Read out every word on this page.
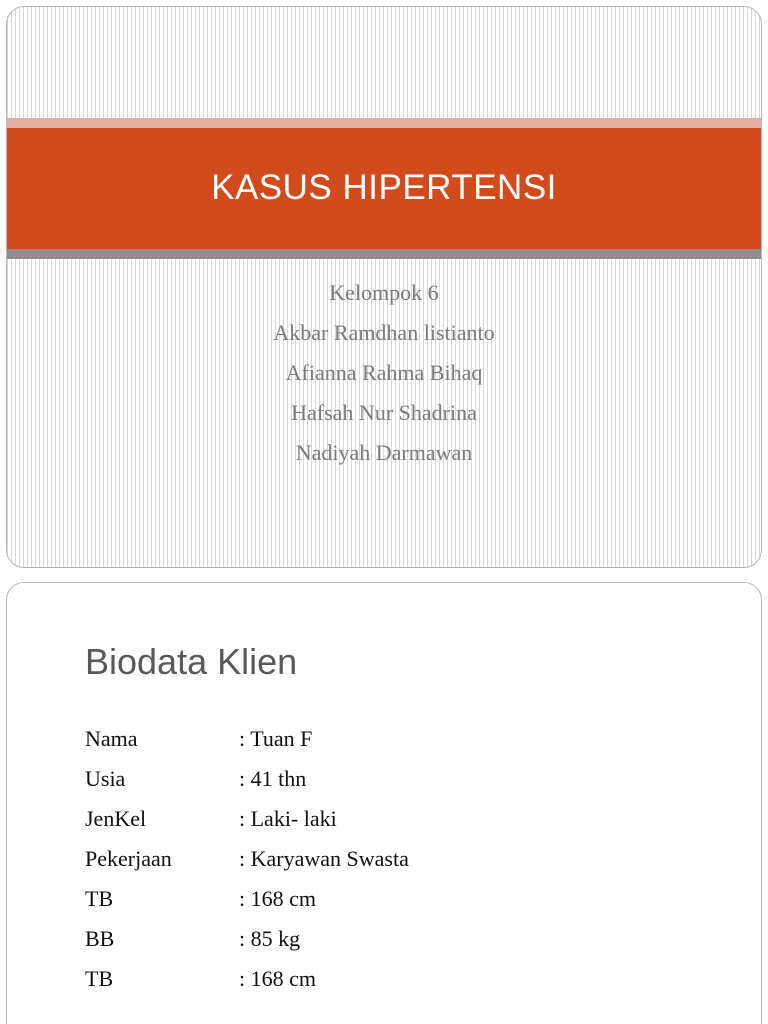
KASUS HIPERTENSI
Kelompok 6
Akbar Ramdhan listianto
Afianna Rahma Bihaq
Hafsah Nur Shadrina
Nadiyah Darmawan
Biodata Klien
Nama	: Tuan F
Usia	: 41 thn
JenKel	: Laki- laki
Pekerjaan	: Karyawan Swasta
TB	: 168 cm
BB	: 85 kg
TB	: 168 cm
